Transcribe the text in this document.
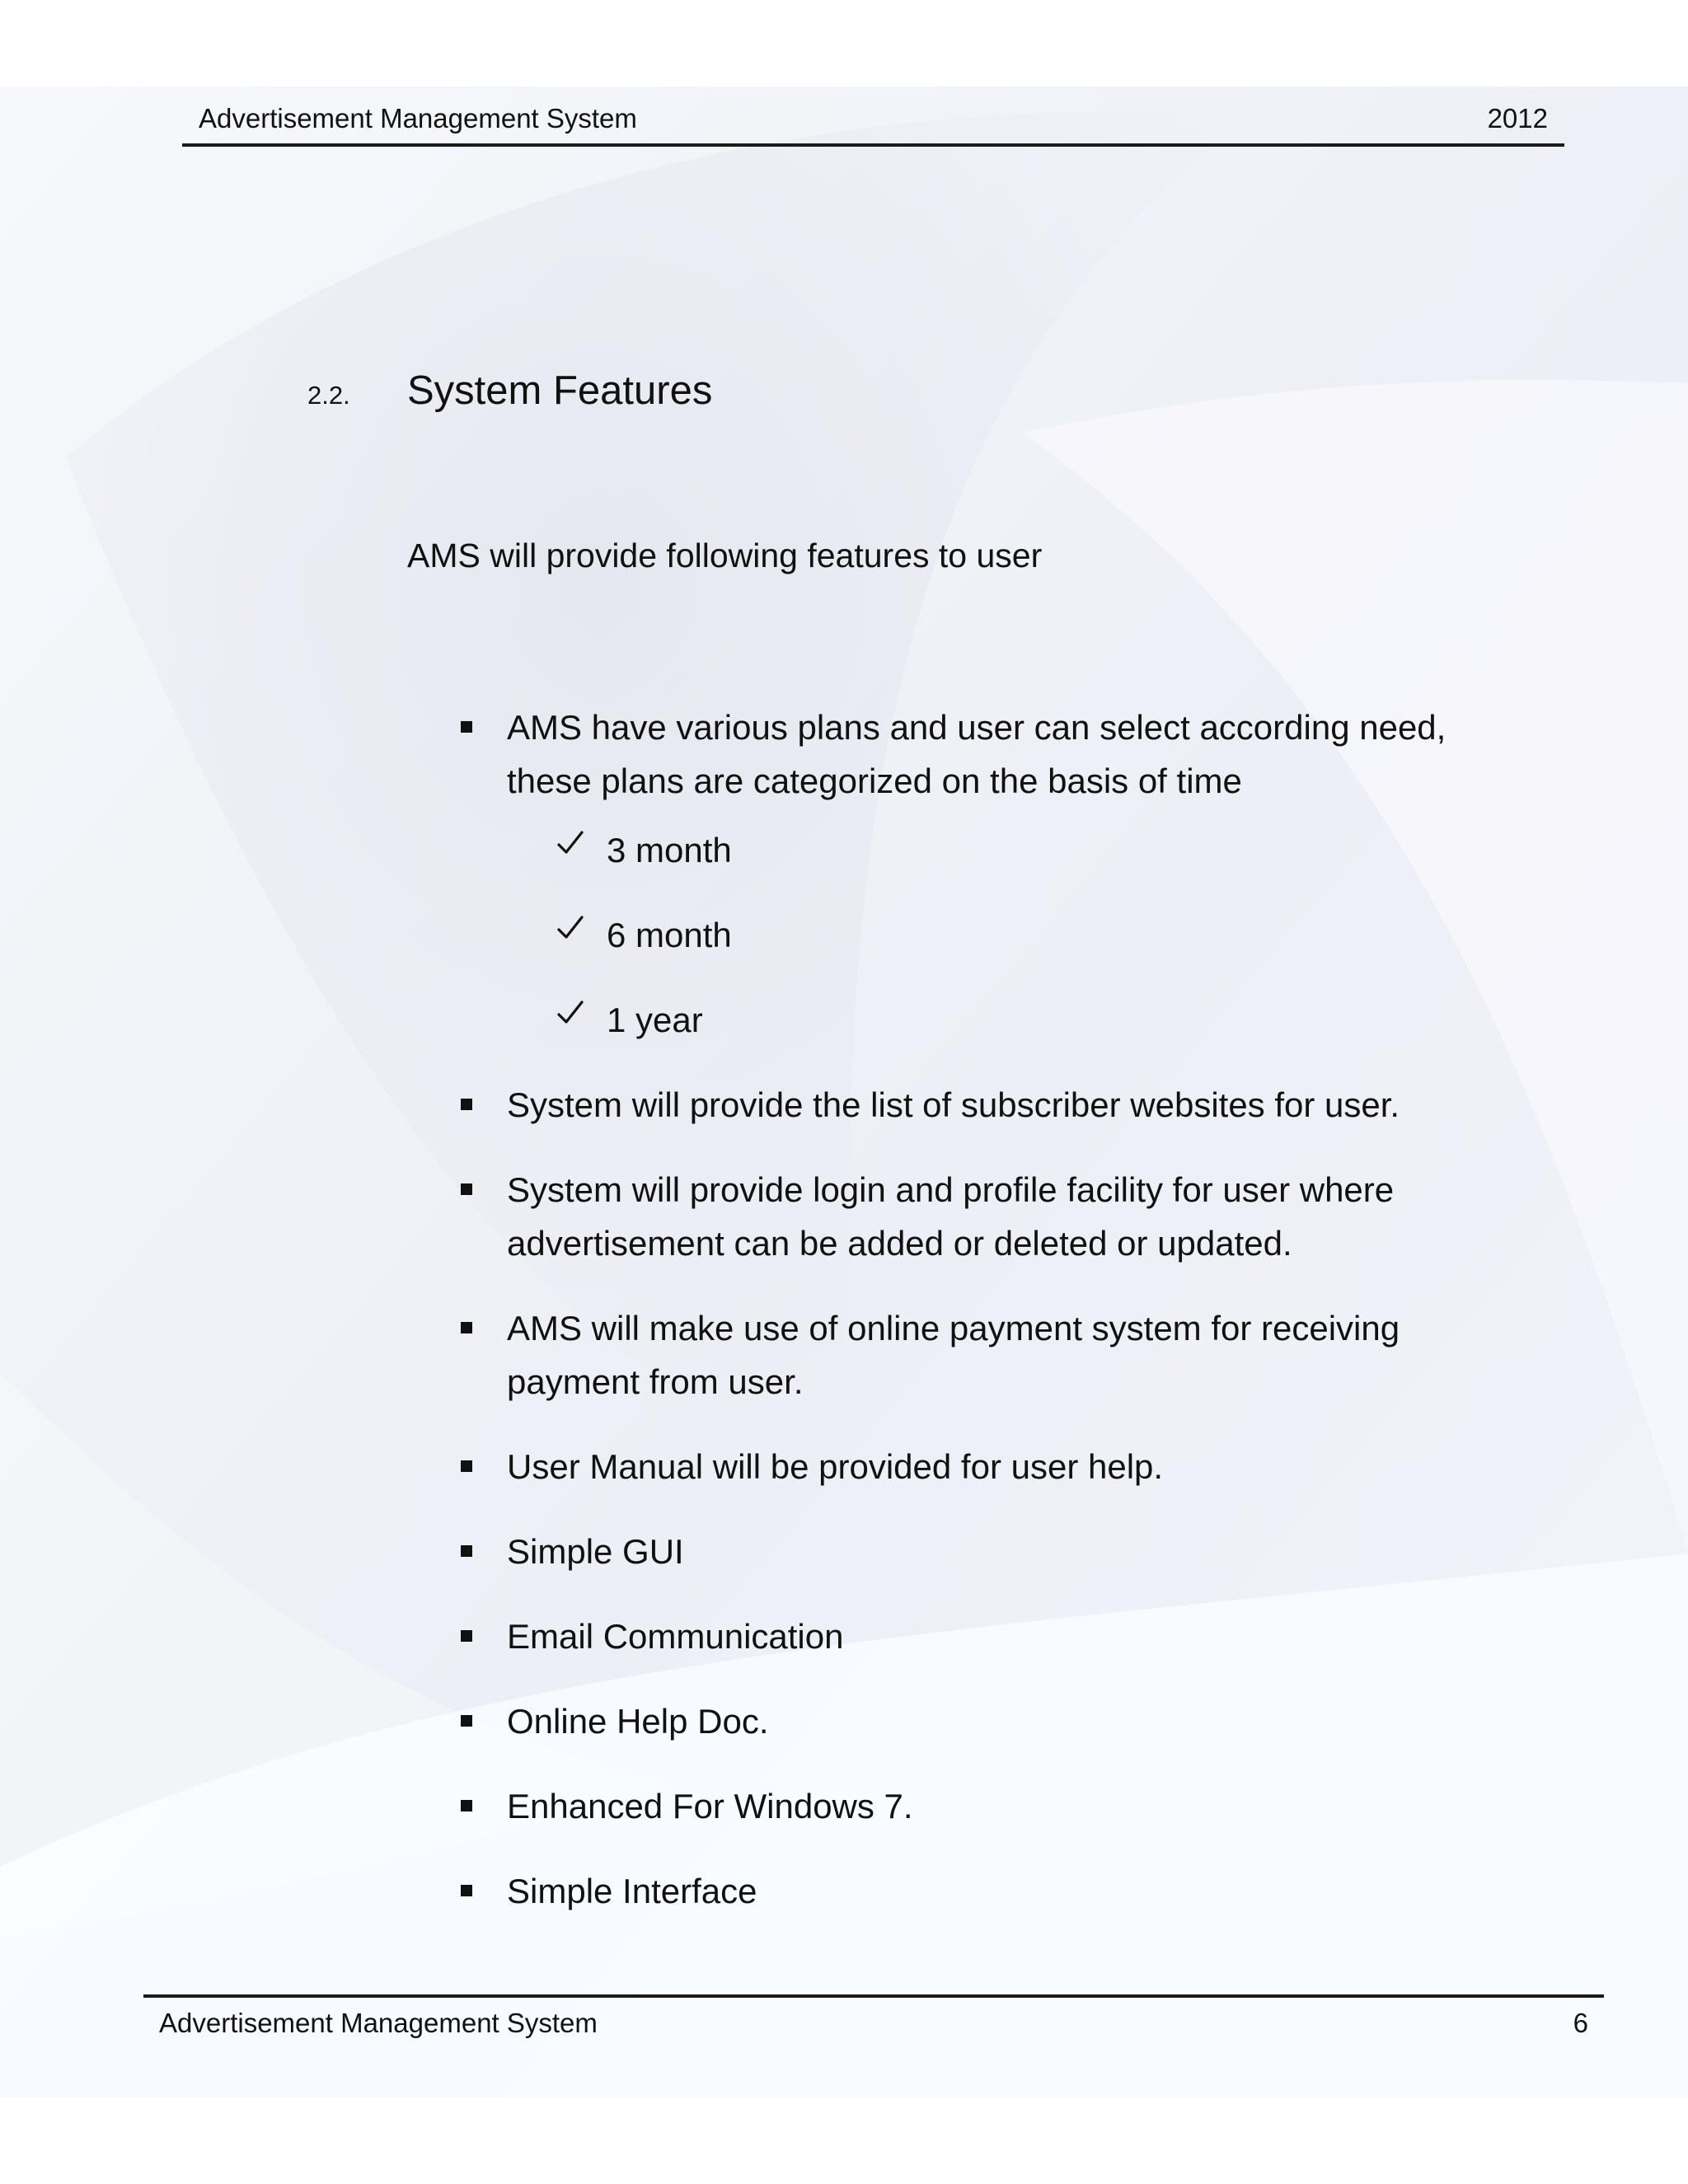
Advertisement Management System	2012
2.2. System Features
AMS will provide following features to user
AMS have various plans and user can select according need,
these plans are categorized on the basis of time
3 month
6 month
1 year
System will provide the list of subscriber websites for user.
System will provide login and profile facility for user where
advertisement can be added or deleted or updated.
AMS will make use of online payment system for receiving
payment from user.
User Manual will be provided for user help.
Simple GUI
Email Communication
Online Help Doc.
Enhanced For Windows 7.
Simple Interface
Advertisement Management System	6
